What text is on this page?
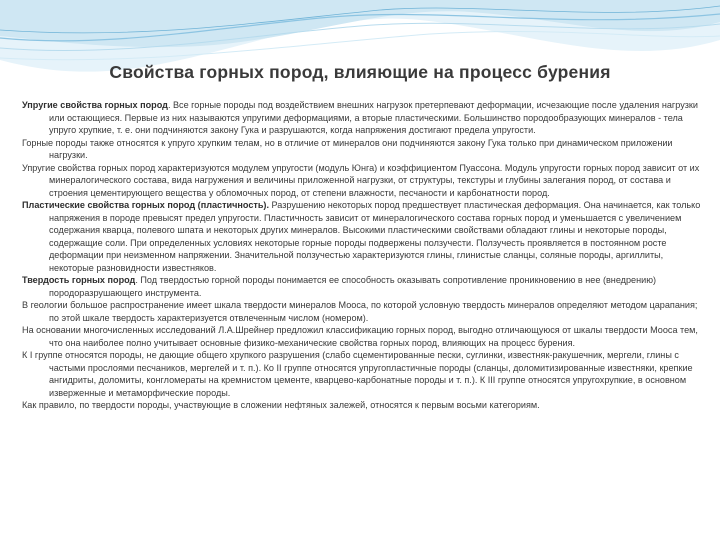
Свойства горных пород, влияющие на процесс бурения

Упругие свойства горных пород. Все горные породы под воздействием внешних нагрузок претерпевают деформации, исчезающие после удаления нагрузки или остающиеся. Первые из них называются упругими деформациями, а вторые пластическими. Большинство породообразующих минералов - тела упруго хрупкие, т. е. они подчиняются закону Гука и разрушаются, когда напряжения достигают предела упругости.

Горные породы также относятся к упруго хрупким телам, но в отличие от минералов они подчиняются закону Гука только при динамическом приложении нагрузки.

Упругие свойства горных пород характеризуются модулем упругости (модуль Юнга) и коэффициентом Пуассона. Модуль упругости горных пород зависит от их минералогического состава, вида нагружения и величины приложенной нагрузки, от структуры, текстуры и глубины залегания пород, от состава и строения цементирующего вещества у обломочных пород, от степени влажности, песчаности и карбонатности пород.

Пластические свойства горных пород (пластичность). Разрушению некоторых пород предшествует пластическая деформация. Она начинается, как только напряжения в породе превысят предел упругости. Пластичность зависит от минералогического состава горных пород и уменьшается с увеличением содержания кварца, полевого шпата и некоторых других минералов. Высокими пластическими свойствами обладают глины и некоторые породы, содержащие соли. При определенных условиях некоторые горные породы подвержены ползучести. Ползучесть проявляется в постоянном росте деформации при неизменном напряжении. Значительной ползучестью характеризуются глины, глинистые сланцы, соляные породы, аргиллиты, некоторые разновидности известняков.

Твердость горных пород. Под твердостью горной породы понимается ее способность оказывать сопротивление проникновению в нее (внедрению) породоразрушающего инструмента.

В геологии большое распространение имеет шкала твердости минералов Мооса, по которой условную твердость минералов определяют методом царапания; по этой шкале твердость характеризуется отвлеченным числом (номером).

На основании многочисленных исследований Л.А.Шрейнер предложил классификацию горных пород, выгодно отличающуюся от шкалы твердости Мооса тем, что она наиболее полно учитывает основные физико-механические свойства горных пород, влияющих на процесс бурения.

К I группе относятся породы, не дающие общего хрупкого разрушения (слабо сцементированные пески, суглинки, известняк-ракушечник, мергели, глины с частыми прослоями песчаников, мергелей и т. п.). Ко II группе относятся упругопластичные породы (сланцы, доломитизированные известняки, крепкие ангидриты, доломиты, конгломераты на кремнистом цементе, кварцево-карбонатные породы и т. п.). К III группе относятся упругохрупкие, в основном изверженные и метаморфические породы.

Как правило, по твердости породы, участвующие в сложении нефтяных залежей, относятся к первым восьми категориям.
